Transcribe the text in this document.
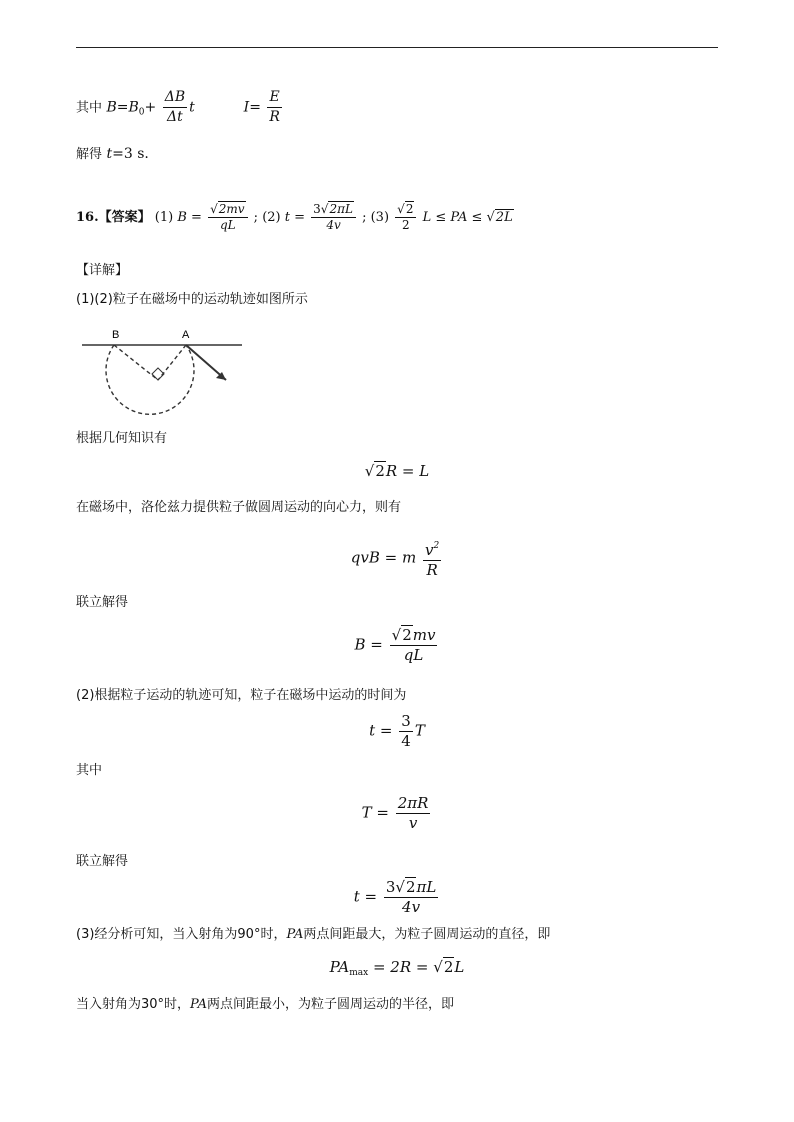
其中 $B=B_0+ \frac{\Delta B}{\Delta t}$ t	$I= \frac{E}{R}$
解得 t=3 s.
16.【答案】 (1) $B = \frac{√2mv}{qL}$ ; (2) $t = \frac{3√2\pi L}{4v}$ ; $(3) \frac{√2}{2}$ L ≤ PA ≤ √2L
【详解】
(1)(2)粒子在磁场中的运动轨迹如图所示
B	A
根据几何知识有
√2R = L
在磁场中，洛伦兹力提供粒子做圆周运动的向心力，则有
qvB = m $\frac{v^2}{R}$
联立解得
$B = \frac{√2mv}{qL}$
(2)根据粒子运动的轨迹可知，粒子在磁场中运动的时间为
$t = \frac{3}{4}$ T
其中
$T = \frac{2\pi R}{v}$
联立解得
$t = \frac{3√2\pi L}{4v}$
(3)经分析可知，当入射角为90°时，PA两点间距最大，为粒子圆周运动的直径，即
$PA_{max} = 2R = √2L$
当入射角为30°时，PA两点间距最小，为粒子圆周运动的半径，即
